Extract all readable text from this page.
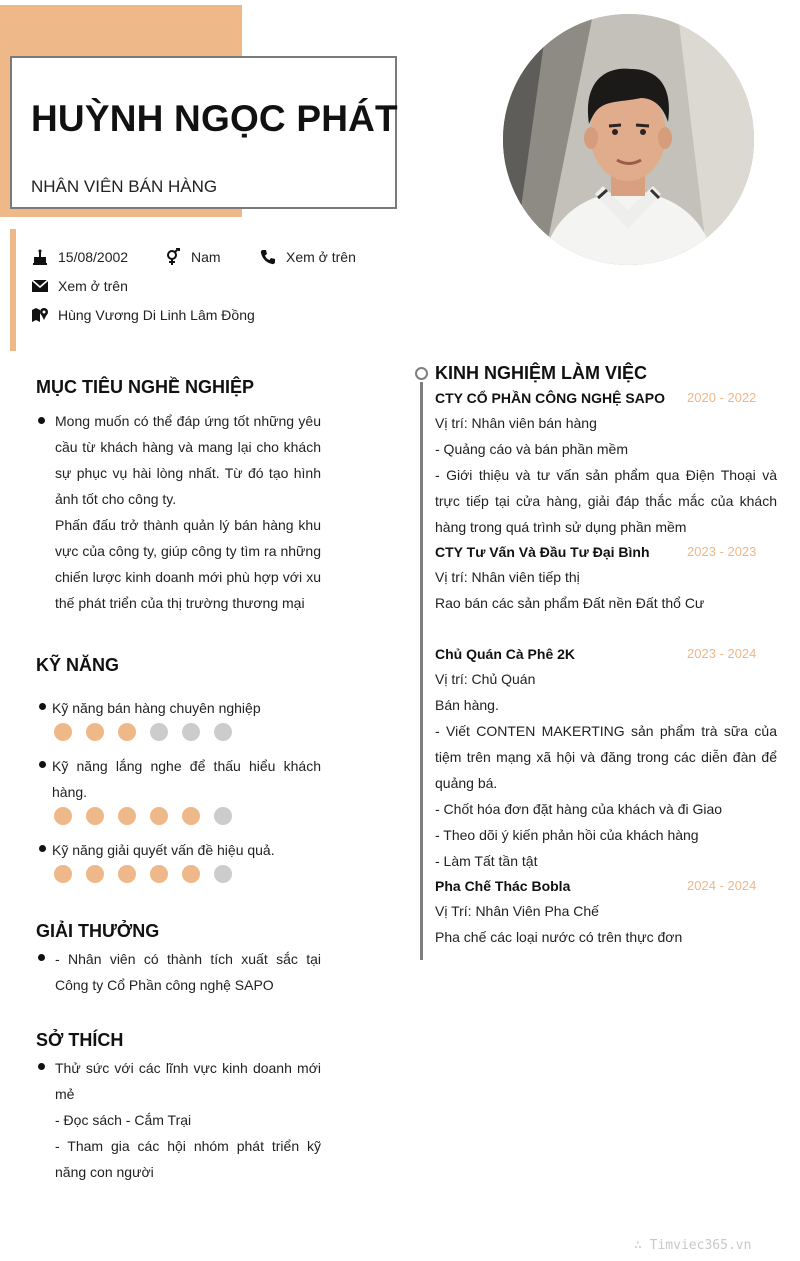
HUỲNH NGỌC PHÁT
NHÂN VIÊN BÁN HÀNG
15/08/2002	Nam	Xem ở trên
Xem ở trên
Hùng Vương Di Linh Lâm Đồng
MỤC TIÊU NGHỀ NGHIỆP
Mong muốn có thể đáp ứng tốt những yêu cầu từ khách hàng và mang lại cho khách sự phục vụ hài lòng nhất. Từ đó tạo hình ảnh tốt cho công ty.
Phấn đấu trở thành quản lý bán hàng khu vực của công ty, giúp công ty tìm ra những chiến lược kinh doanh mới phù hợp với xu thế phát triển của thị trường thương mại
KỸ NĂNG
Kỹ năng bán hàng chuyên nghiệp
Kỹ năng lắng nghe để thấu hiểu khách hàng.
Kỹ năng giải quyết vấn đề hiệu quả.
GIẢI THƯỞNG
- Nhân viên có thành tích xuất sắc tại Công ty Cổ Phần công nghệ SAPO
SỞ THÍCH
Thử sức với các lĩnh vực kinh doanh mới mẻ
- Đọc sách - Cắm Trại
- Tham gia các hội nhóm phát triển kỹ năng con người
KINH NGHIỆM LÀM VIỆC
CTY CỔ PHẦN CÔNG NGHỆ SAPO 2020 - 2022
Vị trí: Nhân viên bán hàng
- Quảng cáo và bán phần mềm
- Giới thiệu và tư vấn sản phẩm qua Điện Thoại và trực tiếp tại cửa hàng, giải đáp thắc mắc của khách hàng trong quá trình sử dụng phần mềm
CTY Tư Vấn Và Đầu Tư Đại Bình	2023 - 2023
Vị trí: Nhân viên tiếp thị
Rao bán các sản phẩm Đất nền Đất thổ Cư
Chủ Quán Cà Phê 2K	2023 - 2024
Vị trí: Chủ Quán
Bán hàng.
- Viết CONTEN MAKERTING sản phẩm trà sữa của tiệm trên mạng xã hội và đăng trong các diễn đàn để quảng bá.
- Chốt hóa đơn đặt hàng của khách và đi Giao
- Theo dõi ý kiến phản hồi của khách hàng
- Làm Tất tần tật
Pha Chế Thác Bobla	2024 - 2024
Vị Trí: Nhân Viên Pha Chế
Pha chế các loại nước có trên thực đơn
∴ Timviec365.vn
